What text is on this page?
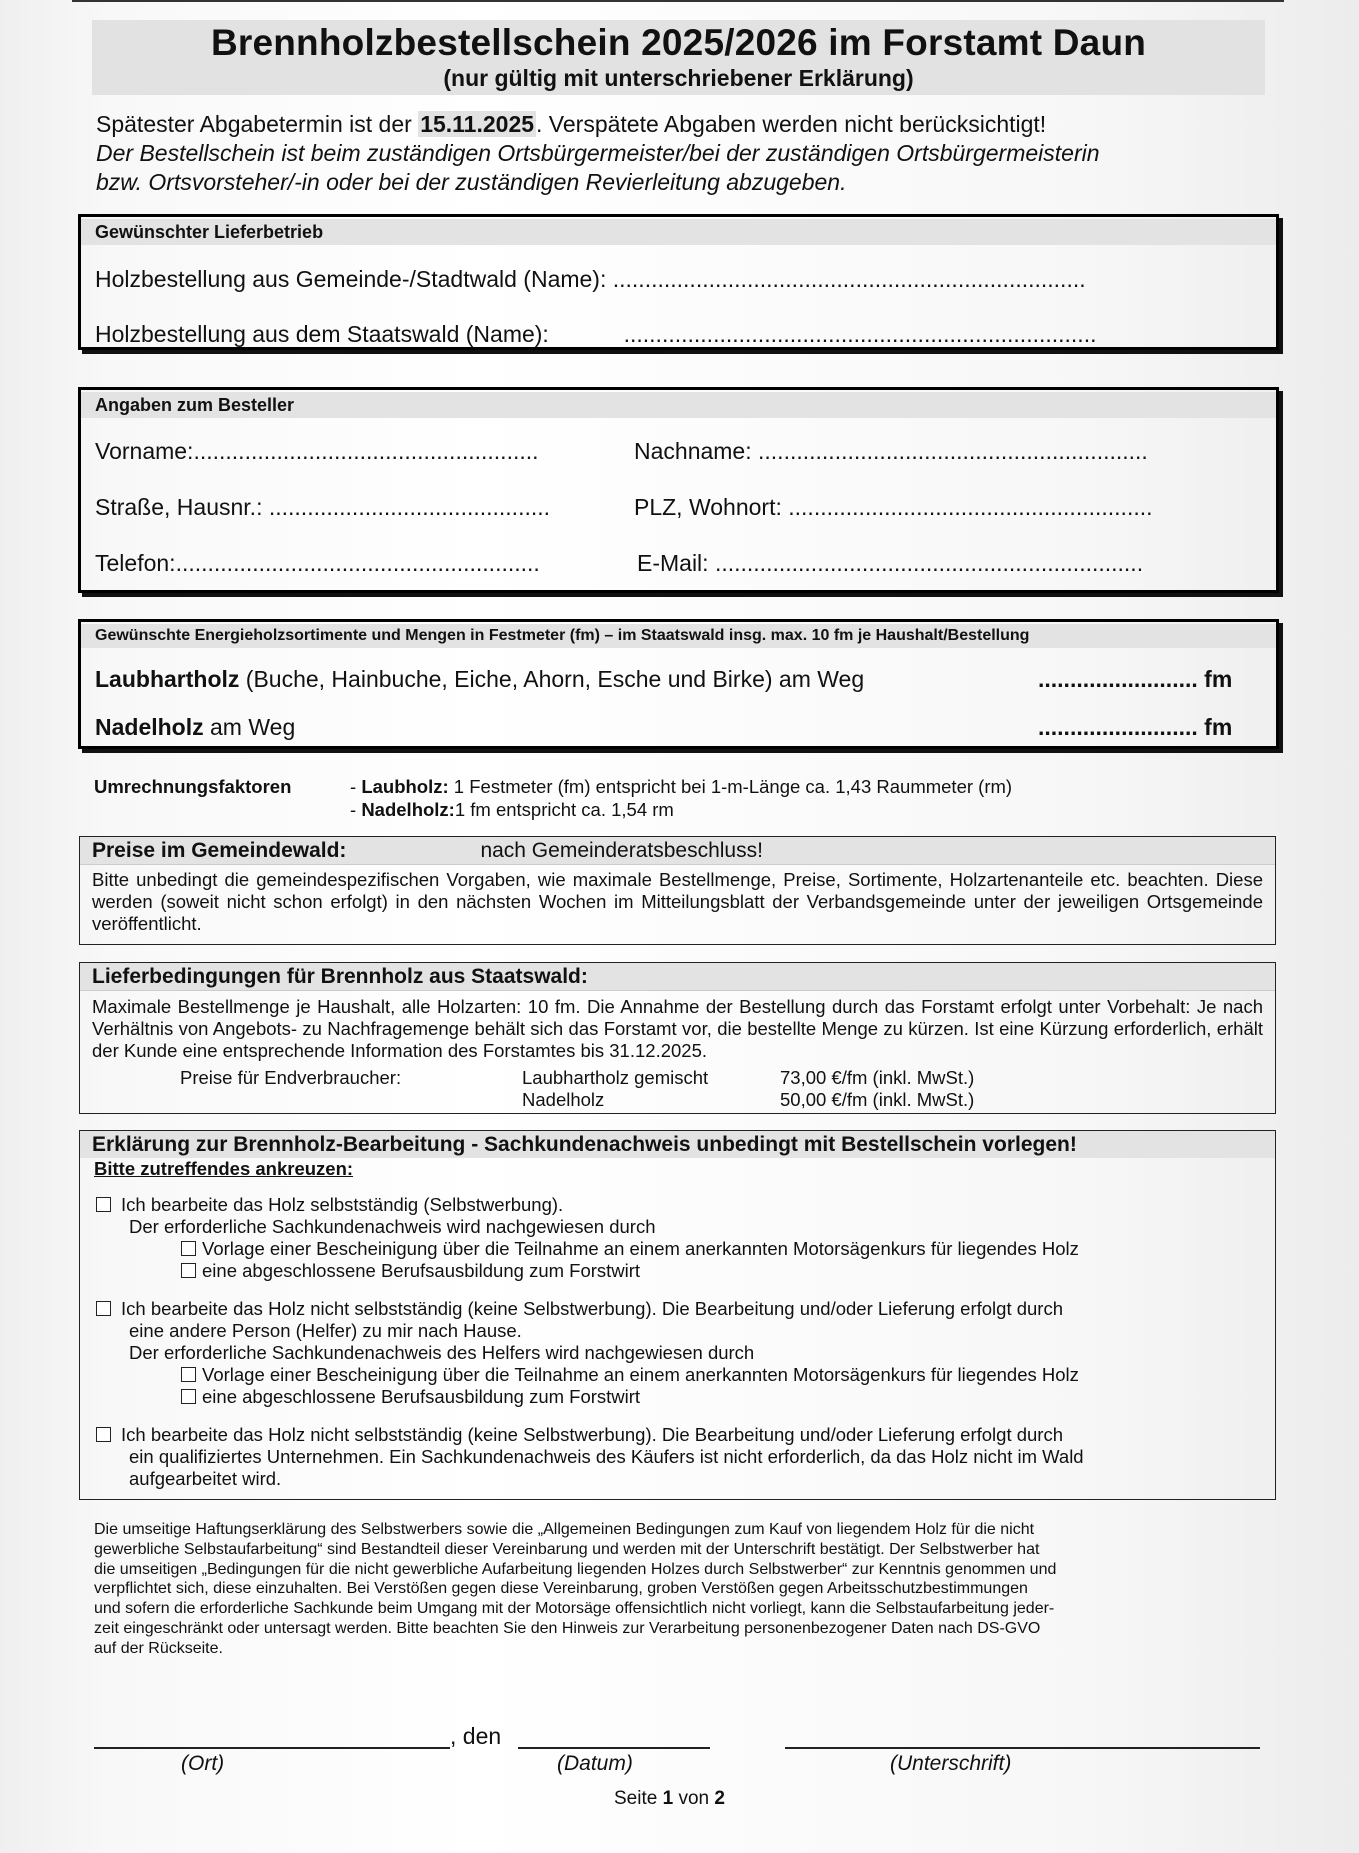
Brennholzbestellschein 2025/2026 im Forstamt Daun
(nur gültig mit unterschriebener Erklärung)
Spätester Abgabetermin ist der 15.11.2025. Verspätete Abgaben werden nicht berücksichtigt!
Der Bestellschein ist beim zuständigen Ortsbürgermeister/bei der zuständigen Ortsbürgermeisterin
bzw. Ortsvorsteher/-in oder bei der zuständigen Revierleitung abzugeben.
Gewünschter Lieferbetrieb
Holzbestellung aus Gemeinde-/Stadtwald (Name): ..........................................................................
Holzbestellung aus dem Staatswald (Name):	..........................................................................
Angaben zum Besteller
Vorname:......................................................	Nachname: .............................................................
Straße, Hausnr.: ............................................	PLZ, Wohnort: .........................................................
Telefon:.........................................................	E-Mail: ...................................................................
Gewünschte Energieholzsortimente und Mengen in Festmeter (fm) – im Staatswald insg. max. 10 fm je Haushalt/Bestellung
Laubhartholz (Buche, Hainbuche, Eiche, Ahorn, Esche und Birke) am Weg	......................... fm
Nadelholz am Weg	......................... fm
Umrechnungsfaktoren	- Laubholz: 1 Festmeter (fm) entspricht bei 1-m-Länge ca. 1,43 Raummeter (rm)
- Nadelholz:1 fm entspricht ca. 1,54 rm
Preise im Gemeindewald:	nach Gemeinderatsbeschluss!
Bitte unbedingt die gemeindespezifischen Vorgaben, wie maximale Bestellmenge, Preise, Sortimente, Holzartenanteile etc. beachten. Diese werden (soweit nicht schon erfolgt) in den nächsten Wochen im Mitteilungsblatt der Verbandsgemeinde unter der jeweiligen Ortsgemeinde veröffentlicht.
Lieferbedingungen für Brennholz aus Staatswald:
Maximale Bestellmenge je Haushalt, alle Holzarten: 10 fm. Die Annahme der Bestellung durch das Forstamt erfolgt unter Vorbehalt: Je nach Verhältnis von Angebots- zu Nachfragemenge behält sich das Forstamt vor, die bestellte Menge zu kürzen. Ist eine Kürzung erforderlich, erhält der Kunde eine entsprechende Information des Forstamtes bis 31.12.2025.
Preise für Endverbraucher:	Laubhartholz gemischt	73,00 €/fm (inkl. MwSt.)
Nadelholz	50,00 €/fm (inkl. MwSt.)
Erklärung zur Brennholz-Bearbeitung - Sachkundenachweis unbedingt mit Bestellschein vorlegen!
Bitte zutreffendes ankreuzen:
Ich bearbeite das Holz selbstständig (Selbstwerbung).
Der erforderliche Sachkundenachweis wird nachgewiesen durch
Vorlage einer Bescheinigung über die Teilnahme an einem anerkannten Motorsägenkurs für liegendes Holz
eine abgeschlossene Berufsausbildung zum Forstwirt
Ich bearbeite das Holz nicht selbstständig (keine Selbstwerbung). Die Bearbeitung und/oder Lieferung erfolgt durch
eine andere Person (Helfer) zu mir nach Hause.
Der erforderliche Sachkundenachweis des Helfers wird nachgewiesen durch
Vorlage einer Bescheinigung über die Teilnahme an einem anerkannten Motorsägenkurs für liegendes Holz
eine abgeschlossene Berufsausbildung zum Forstwirt
Ich bearbeite das Holz nicht selbstständig (keine Selbstwerbung). Die Bearbeitung und/oder Lieferung erfolgt durch
ein qualifiziertes Unternehmen. Ein Sachkundenachweis des Käufers ist nicht erforderlich, da das Holz nicht im Wald
aufgearbeitet wird.
Die umseitige Haftungserklärung des Selbstwerbers sowie die „Allgemeinen Bedingungen zum Kauf von liegendem Holz für die nicht
gewerbliche Selbstaufarbeitung“ sind Bestandteil dieser Vereinbarung und werden mit der Unterschrift bestätigt. Der Selbstwerber hat
die umseitigen „Bedingungen für die nicht gewerbliche Aufarbeitung liegenden Holzes durch Selbstwerber“ zur Kenntnis genommen und
verpflichtet sich, diese einzuhalten. Bei Verstößen gegen diese Vereinbarung, groben Verstößen gegen Arbeitsschutzbestimmungen
und sofern die erforderliche Sachkunde beim Umgang mit der Motorsäge offensichtlich nicht vorliegt, kann die Selbstaufarbeitung jeder-
zeit eingeschränkt oder untersagt werden. Bitte beachten Sie den Hinweis zur Verarbeitung personenbezogener Daten nach DS-GVO
auf der Rückseite.
, den
(Ort)	(Datum)	(Unterschrift)
Seite 1 von 2
